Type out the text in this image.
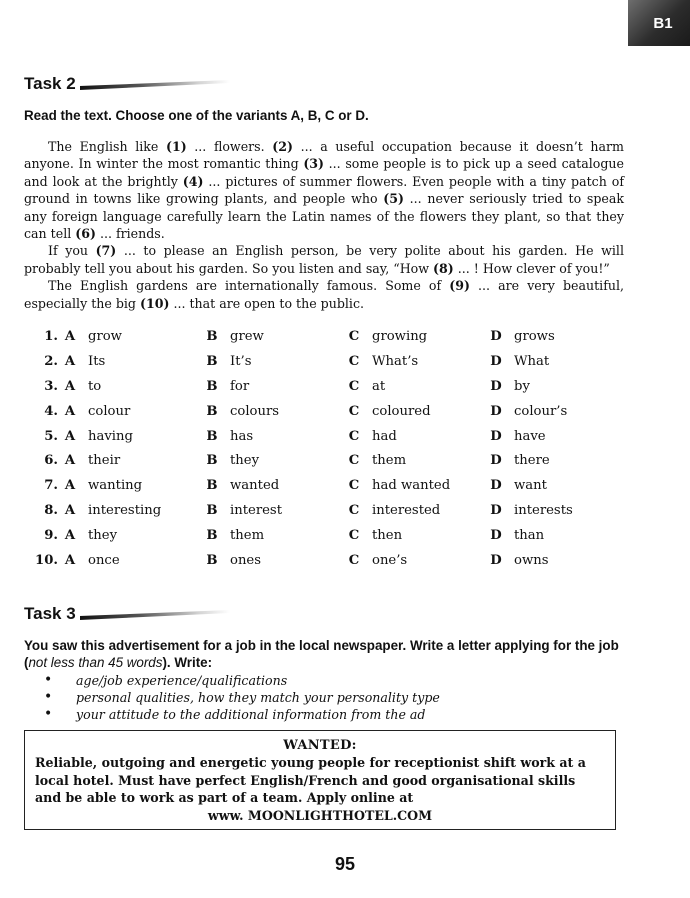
B1
Task 2
Read the text. Choose one of the variants A, B, C or D.

The English like (1) ... flowers. (2) ... a useful occupation because it doesn’t harm anyone. In winter the most romantic thing (3) ... some people is to pick up a seed catalogue and look at the brightly (4) ... pictures of summer flowers. Even people with a tiny patch of ground in towns like growing plants, and people who (5) ... never seriously tried to speak any foreign language carefully learn the Latin names of the flowers they plant, so that they can tell (6) ... friends.

If you (7) ... to please an English person, be very polite about his garden. He will probably tell you about his garden. So you listen and say, “How (8) ... ! How clever of you!”

The English gardens are internationally famous. Some of (9) ... are very beautiful, especially the big (10) ... that are open to the public.

1.	A	grow	B	grew	C	growing	D	grows
2.	A	Its	B	It’s	C	What’s	D	What
3.	A	to	B	for	C	at	D	by
4.	A	colour	B	colours	C	coloured	D	colour’s
5.	A	having	B	has	C	had	D	have
6.	A	their	B	they	C	them	D	there
7.	A	wanting	B	wanted	C	had wanted	D	want
8.	A	interesting	B	interest	C	interested	D	interests
9.	A	they	B	them	C	then	D	than
10.	A	once	B	ones	C	one’s	D	owns
Task 3
You saw this advertisement for a job in the local newspaper. Write a letter applying for the job (not less than 45 words). Write:
• age/job experience/qualifications
• personal qualities, how they match your personality type
• your attitude to the additional information from the ad
WANTED:
Reliable, outgoing and energetic young people for receptionist shift work at a local hotel. Must have perfect English/French and good organisational skills and be able to work as part of a team. Apply online at
www. MOONLIGHTHOTEL.COM
95
